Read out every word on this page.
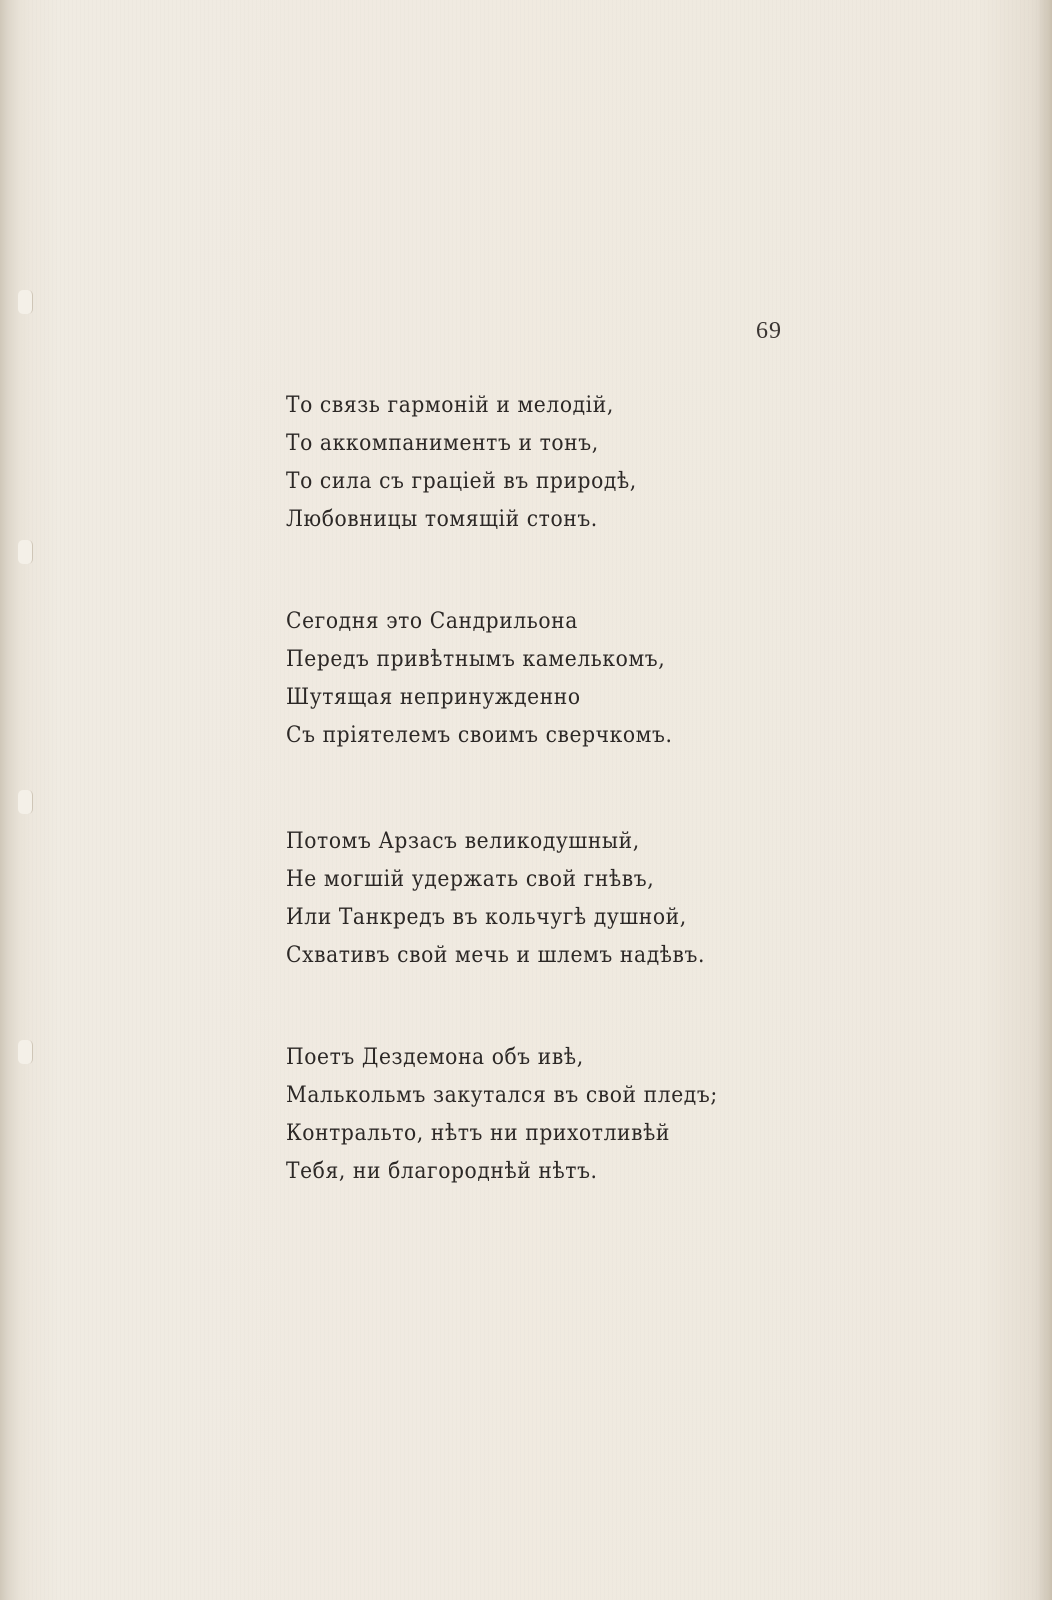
69
То связь гармоній и мелодій,
То аккомпаниментъ и тонъ,
То сила съ граціей въ природѣ,
Любовницы томящій стонъ.
Сегодня это Сандрильона
Передъ привѣтнымъ камелькомъ,
Шутящая непринужденно
Съ пріятелемъ своимъ сверчкомъ.
Потомъ Арзасъ великодушный,
Не могшій удержать свой гнѣвъ,
Или Танкредъ въ кольчугѣ душной,
Схвативъ свой мечь и шлемъ надѣвъ.
Поетъ Дездемона объ ивѣ,
Малькольмъ закутался въ свой пледъ;
Контральто, нѣтъ ни прихотливѣй
Тебя, ни благороднѣй нѣтъ.
